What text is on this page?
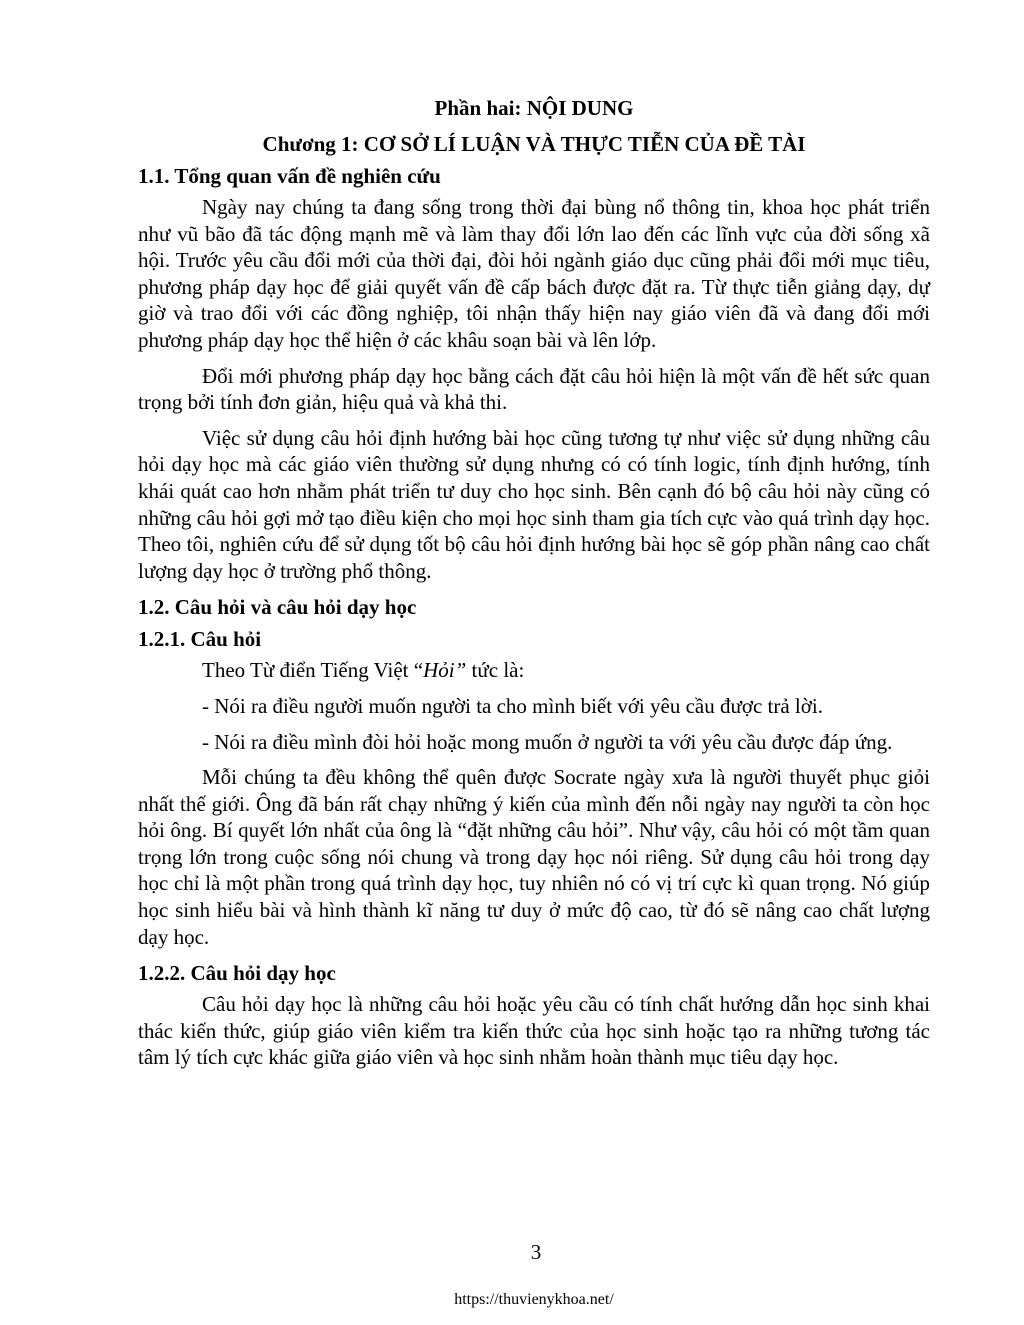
Phần hai: NỘI DUNG

Chương 1: CƠ SỞ LÍ LUẬN VÀ THỰC TIỄN CỦA ĐỀ TÀI

1.1. Tổng quan vấn đề nghiên cứu

Ngày nay chúng ta đang sống trong thời đại bùng nổ thông tin, khoa học phát triển như vũ bão đã tác động mạnh mẽ và làm thay đổi lớn lao đến các lĩnh vực của đời sống xã hội. Trước yêu cầu đổi mới của thời đại, đòi hỏi ngành giáo dục cũng phải đổi mới mục tiêu, phương pháp dạy học để giải quyết vấn đề cấp bách được đặt ra. Từ thực tiễn giảng dạy, dự giờ và trao đổi với các đồng nghiệp, tôi nhận thấy hiện nay giáo viên đã và đang đổi mới phương pháp dạy học thể hiện ở các khâu soạn bài và lên lớp.

Đổi mới phương pháp dạy học bằng cách đặt câu hỏi hiện là một vấn đề hết sức quan trọng bởi tính đơn giản, hiệu quả và khả thi.

Việc sử dụng câu hỏi định hướng bài học cũng tương tự như việc sử dụng những câu hỏi dạy học mà các giáo viên thường sử dụng nhưng có có tính logic, tính định hướng, tính khái quát cao hơn nhằm phát triển tư duy cho học sinh. Bên cạnh đó bộ câu hỏi này cũng có những câu hỏi gợi mở tạo điều kiện cho mọi học sinh tham gia tích cực vào quá trình dạy học. Theo tôi, nghiên cứu để sử dụng tốt bộ câu hỏi định hướng bài học sẽ góp phần nâng cao chất lượng dạy học ở trường phổ thông.

1.2. Câu hỏi và câu hỏi dạy học

1.2.1. Câu hỏi

Theo Từ điển Tiếng Việt “Hỏi” tức là:

- Nói ra điều người muốn người ta cho mình biết với yêu cầu được trả lời.

- Nói ra điều mình đòi hỏi hoặc mong muốn ở người ta với yêu cầu được đáp ứng.

Mỗi chúng ta đều không thể quên được Socrate ngày xưa là người thuyết phục giỏi nhất thế giới. Ông đã bán rất chạy những ý kiến của mình đến nỗi ngày nay người ta còn học hỏi ông. Bí quyết lớn nhất của ông là “đặt những câu hỏi”. Như vậy, câu hỏi có một tầm quan trọng lớn trong cuộc sống nói chung và trong dạy học nói riêng. Sử dụng câu hỏi trong dạy học chỉ là một phần trong quá trình dạy học, tuy nhiên nó có vị trí cực kì quan trọng. Nó giúp học sinh hiểu bài và hình thành kĩ năng tư duy ở mức độ cao, từ đó sẽ nâng cao chất lượng dạy học.

1.2.2. Câu hỏi dạy học

Câu hỏi dạy học là những câu hỏi hoặc yêu cầu có tính chất hướng dẫn học sinh khai thác kiến thức, giúp giáo viên kiểm tra kiến thức của học sinh hoặc tạo ra những tương tác tâm lý tích cực khác giữa giáo viên và học sinh nhằm hoàn thành mục tiêu dạy học.

3
https://thuvienykhoa.net/
